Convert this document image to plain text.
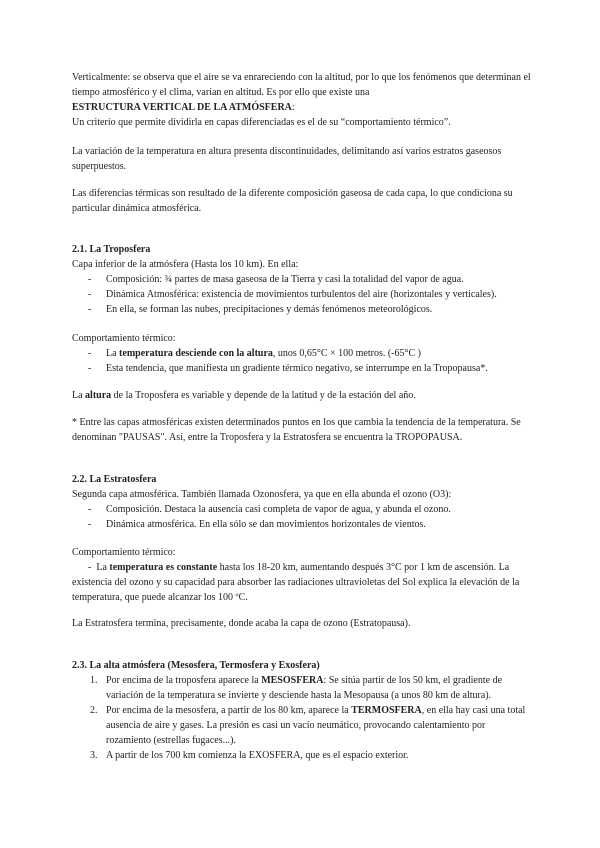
Verticalmente: se observa que el aire se va enrareciendo con la altitud, por lo que los fenómenos que determinan el tiempo atmosférico y el clima, varían en altitud. Es por ello que existe una
ESTRUCTURA VERTICAL DE LA ATMÓSFERA:
Un criterio que permite dividirla en capas diferenciadas es el de su “comportamiento térmico”.

La variación de la temperatura en altura presenta discontinuidades, delimitando así varios estratos gaseosos superpuestos.

Las diferencias térmicas son resultado de la diferente composición gaseosa de cada capa, lo que condiciona su particular dinámica atmosférica.

2.1. La Troposfera

Capa inferior de la atmósfera (Hasta los 10 km). En ella:

- Composición: ¾ partes de masa gaseosa de la Tierra y casi la totalidad del vapor de agua.
- Dinámica Atmosférica: existencia de movimientos turbulentos del aire (horizontales y verticales).
- En ella, se forman las nubes, precipitaciones y demás fenómenos meteorológicos.

Comportamiento térmico:

- La temperatura desciende con la altura, unos 0,65°C × 100 metros. (-65°C )
- Esta tendencia, que manifiesta un gradiente térmico negativo, se interrumpe en la Tropopausa*.

La altura de la Troposfera es variable y depende de la latitud y de la estación del año.

* Entre las capas atmosféricas existen determinados puntos en los que cambia la tendencia de la temperatura. Se denominan "PAUSAS". Así, entre la Troposfera y la Estratosfera se encuentra la TROPOPAUSA.

2.2. La Estratosfera

Segunda capa atmosférica. También llamada Ozonosfera, ya que en ella abunda el ozono (O3):

- Composición. Destaca la ausencia casi completa de vapor de agua, y abunda el ozono.
- Dinámica atmosférica. En ella sólo se dan movimientos horizontales de vientos.

Comportamiento térmico:

- La temperatura es constante hasta los 18-20 km, aumentando después 3°C por 1 km de ascensión. La existencia del ozono y su capacidad para absorber las radiaciones ultravioletas del Sol explica la elevación de la temperatura, que puede alcanzar los 100 ºC.

La Estratosfera termina, precisamente, donde acaba la capa de ozono (Estratopausa).

2.3. La alta atmósfera (Mesosfera, Termosfera y Exosfera)

1. Por encima de la troposfera aparece la MESOSFERA: Se sitúa partir de los 50 km, el gradiente de variación de la temperatura se invierte y desciende hasta la Mesopausa (a unos 80 km de altura).
2. Por encima de la mesosfera, a partir de los 80 km, aparece la TERMOSFERA, en ella hay casi una total ausencia de aire y gases. La presión es casi un vacío neumático, provocando calentamiento por rozamiento (estrellas fugaces...).
3. A partir de los 700 km comienza la EXOSFERA, que es el espacio exterior.
